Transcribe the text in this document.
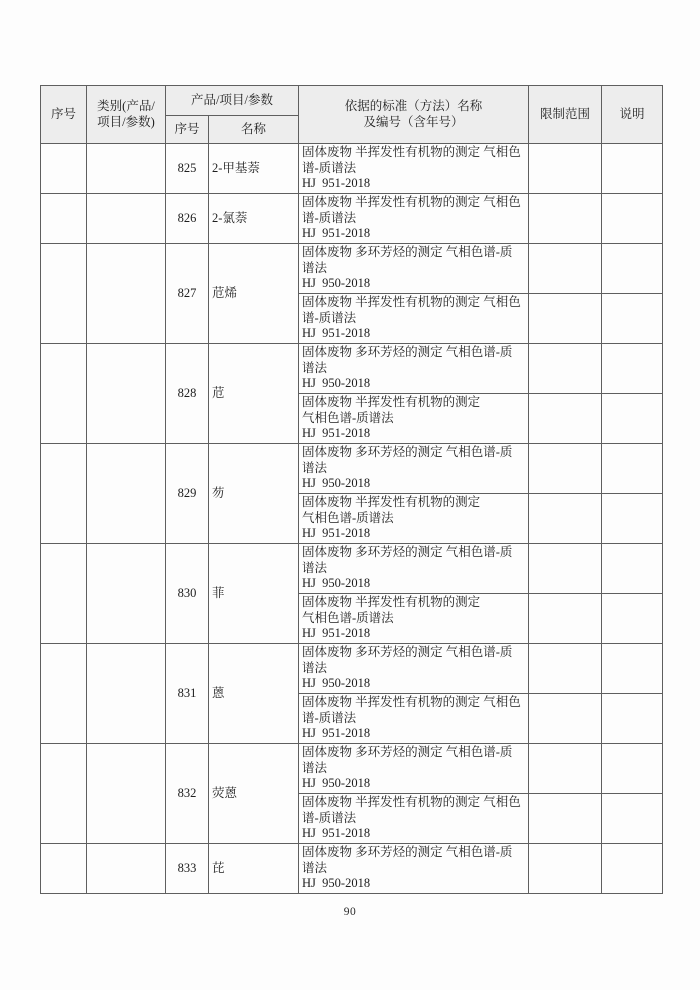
序号	类别(产品/
项目/参数)	产品/项目/参数		依据的标准（方法）名称
及编号（含年号）	限制范围	说明
		序号	名称			
		825	2-甲基萘	固体废物 半挥发性有机物的测定 气相色
谱-质谱法
HJ  951-2018		
		826	2-氯萘	固体废物 半挥发性有机物的测定 气相色
谱-质谱法
HJ  951-2018		
		827	苊烯	固体废物 多环芳烃的测定 气相色谱-质
谱法
HJ  950-2018		
				固体废物 半挥发性有机物的测定 气相色
谱-质谱法
HJ  951-2018		
		828	苊	固体废物 多环芳烃的测定 气相色谱-质
谱法
HJ  950-2018		
				固体废物 半挥发性有机物的测定
气相色谱-质谱法
HJ  951-2018		
		829	芴	固体废物 多环芳烃的测定 气相色谱-质
谱法
HJ  950-2018		
				固体废物 半挥发性有机物的测定
气相色谱-质谱法
HJ  951-2018		
		830	菲	固体废物 多环芳烃的测定 气相色谱-质
谱法
HJ  950-2018		
				固体废物 半挥发性有机物的测定
气相色谱-质谱法
HJ  951-2018		
		831	蒽	固体废物 多环芳烃的测定 气相色谱-质
谱法
HJ  950-2018		
				固体废物 半挥发性有机物的测定 气相色
谱-质谱法
HJ  951-2018		
		832	荧蒽	固体废物 多环芳烃的测定 气相色谱-质
谱法
HJ  950-2018		
				固体废物 半挥发性有机物的测定 气相色
谱-质谱法
HJ  951-2018		
		833	芘	固体废物 多环芳烃的测定 气相色谱-质
谱法
HJ  950-2018		
90
